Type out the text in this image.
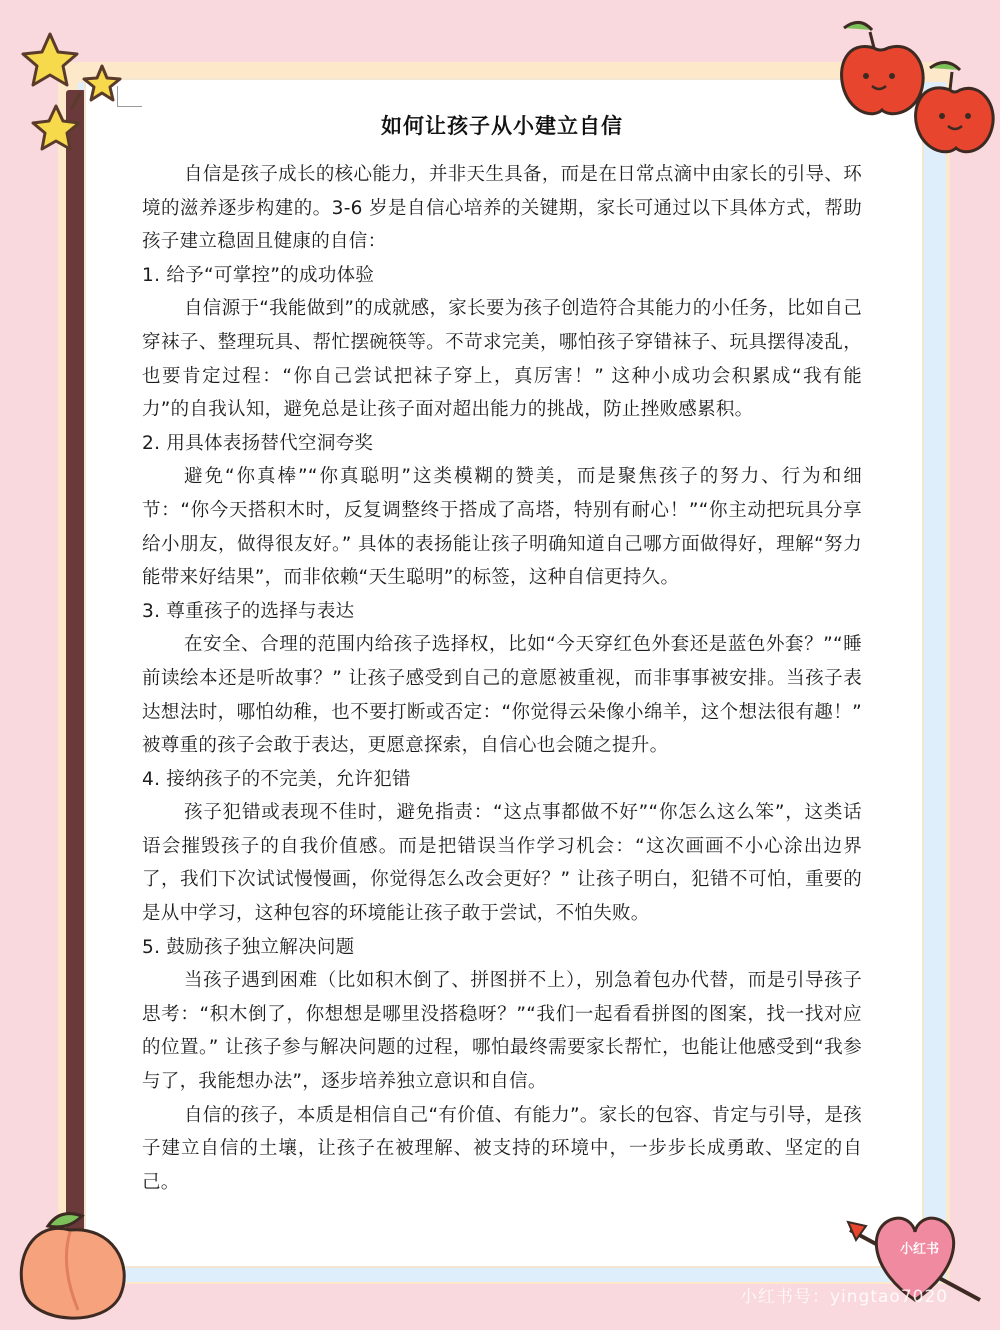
如何让孩子从小建立自信

自信是孩子成长的核心能力，并非天生具备，而是在日常点滴中由家长的引导、环境的滋养逐步构建的。3-6 岁是自信心培养的关键期，家长可通过以下具体方式，帮助孩子建立稳固且健康的自信：

1. 给予“可掌控”的成功体验

自信源于“我能做到”的成就感，家长要为孩子创造符合其能力的小任务，比如自己穿袜子、整理玩具、帮忙摆碗筷等。不苛求完美，哪怕孩子穿错袜子、玩具摆得凌乱，也要肯定过程：“你自己尝试把袜子穿上，真厉害！” 这种小成功会积累成“我有能力”的自我认知，避免总是让孩子面对超出能力的挑战，防止挫败感累积。

2. 用具体表扬替代空洞夸奖

避免“你真棒”“你真聪明”这类模糊的赞美，而是聚焦孩子的努力、行为和细节：“你今天搭积木时，反复调整终于搭成了高塔，特别有耐心！”“你主动把玩具分享给小朋友，做得很友好。” 具体的表扬能让孩子明确知道自己哪方面做得好，理解“努力能带来好结果”，而非依赖“天生聪明”的标签，这种自信更持久。

3. 尊重孩子的选择与表达

在安全、合理的范围内给孩子选择权，比如“今天穿红色外套还是蓝色外套？”“睡前读绘本还是听故事？” 让孩子感受到自己的意愿被重视，而非事事被安排。当孩子表达想法时，哪怕幼稚，也不要打断或否定：“你觉得云朵像小绵羊，这个想法很有趣！” 被尊重的孩子会敢于表达，更愿意探索，自信心也会随之提升。

4. 接纳孩子的不完美，允许犯错

孩子犯错或表现不佳时，避免指责：“这点事都做不好”“你怎么这么笨”，这类话语会摧毁孩子的自我价值感。而是把错误当作学习机会：“这次画画不小心涂出边界了，我们下次试试慢慢画，你觉得怎么改会更好？” 让孩子明白，犯错不可怕，重要的是从中学习，这种包容的环境能让孩子敢于尝试，不怕失败。

5. 鼓励孩子独立解决问题

当孩子遇到困难（比如积木倒了、拼图拼不上），别急着包办代替，而是引导孩子思考：“积木倒了，你想想是哪里没搭稳呀？”“我们一起看看拼图的图案，找一找对应的位置。” 让孩子参与解决问题的过程，哪怕最终需要家长帮忙，也能让他感受到“我参与了，我能想办法”，逐步培养独立意识和自信。

自信的孩子，本质是相信自己“有价值、有能力”。家长的包容、肯定与引导，是孩子建立自信的土壤，让孩子在被理解、被支持的环境中，一步步长成勇敢、坚定的自己。

小红书
小红书号：yingtao7020
